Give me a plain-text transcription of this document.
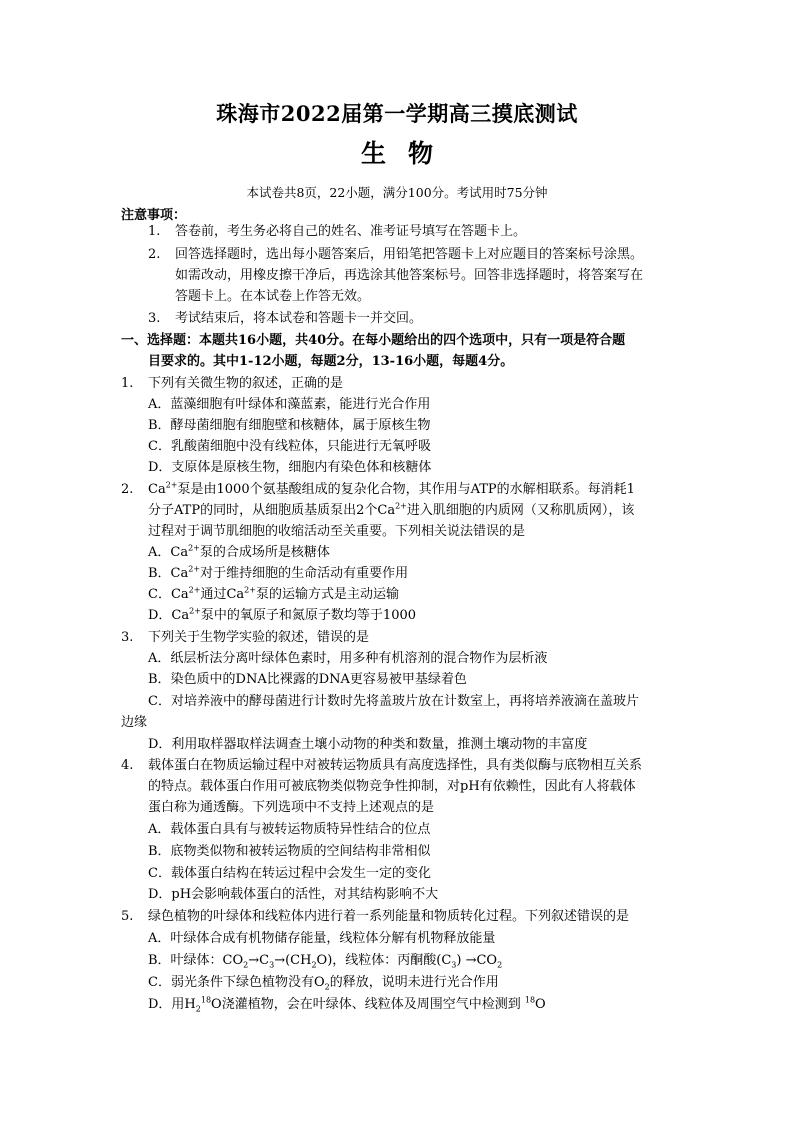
珠海市2022届第一学期高三摸底测试
生物
本试卷共8页，22小题，满分100分。考试用时75分钟
注意事项：
1. 答卷前，考生务必将自己的姓名、准考证号填写在答题卡上。
2. 回答选择题时，选出每小题答案后，用铅笔把答题卡上对应题目的答案标号涂黑。
如需改动，用橡皮擦干净后，再选涂其他答案标号。回答非选择题时，将答案写在
答题卡上。在本试卷上作答无效。
3. 考试结束后，将本试卷和答题卡一并交回。
一、选择题：本题共16小题，共40分。在每小题给出的四个选项中，只有一项是符合题
目要求的。其中1-12小题，每题2分，13-16小题，每题4分。
1. 下列有关微生物的叙述，正确的是
A．蓝藻细胞有叶绿体和藻蓝素，能进行光合作用
B．酵母菌细胞有细胞壁和核糖体，属于原核生物
C．乳酸菌细胞中没有线粒体，只能进行无氧呼吸
D．支原体是原核生物，细胞内有染色体和核糖体
2. $Ca^{2+}$泵是由1000个氨基酸组成的复杂化合物，其作用与ATP的水解相联系。每消耗1
分子ATP的同时，从细胞质基质泵出2个$Ca^{2+}$进入肌细胞的内质网（又称肌质网），该
过程对于调节肌细胞的收缩活动至关重要。下列相关说法错误的是
A．$Ca^{2+}$泵的合成场所是核糖体
B．$Ca^{2+}$对于维持细胞的生命活动有重要作用
C．$Ca^{2+}$通过$Ca^{2+}$泵的运输方式是主动运输
D．$Ca^{2+}$泵中的氧原子和氮原子数均等于1000
3. 下列关于生物学实验的叙述，错误的是
A．纸层析法分离叶绿体色素时，用多种有机溶剂的混合物作为层析液
B．染色质中的DNA比裸露的DNA更容易被甲基绿着色
C．对培养液中的酵母菌进行计数时先将盖玻片放在计数室上，再将培养液滴在盖玻片
边缘
D．利用取样器取样法调查土壤小动物的种类和数量，推测土壤动物的丰富度
4. 载体蛋白在物质运输过程中对被转运物质具有高度选择性，具有类似酶与底物相互关系
的特点。载体蛋白作用可被底物类似物竞争性抑制，对pH有依赖性，因此有人将载体
蛋白称为通透酶。下列选项中不支持上述观点的是
A．载体蛋白具有与被转运物质特异性结合的位点
B．底物类似物和被转运物质的空间结构非常相似
C．载体蛋白结构在转运过程中会发生一定的变化
D．pH会影响载体蛋白的活性，对其结构影响不大
5. 绿色植物的叶绿体和线粒体内进行着一系列能量和物质转化过程。下列叙述错误的是
A．叶绿体合成有机物储存能量，线粒体分解有机物释放能量
B．叶绿体：$CO_2\to C_3\to(CH_2O)$，线粒体：丙酮酸$(C_3) \to CO_2$
C．弱光条件下绿色植物没有$O_2$的释放，说明未进行光合作用
D．用$H_2^{18}O$浇灌植物，会在叶绿体、线粒体及周围空气中检测到 $^{18}$O
